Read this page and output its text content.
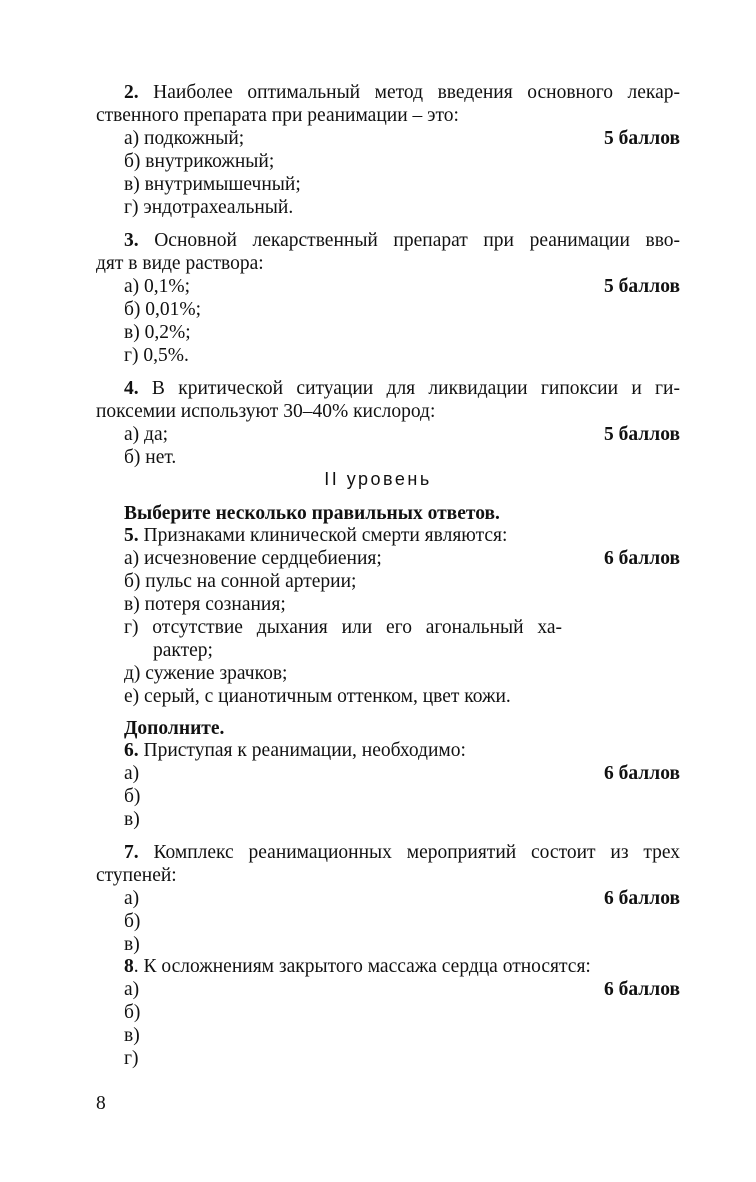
2. Наиболее оптимальный метод введения основного лекар-
ственного препарата при реанимации – это:
а) подкожный;	5 баллов
б) внутрикожный;
в) внутримышечный;
г) эндотрахеальный.
3. Основной лекарственный препарат при реанимации вво-
дят в виде раствора:
а) 0,1%;	5 баллов
б) 0,01%;
в) 0,2%;
г) 0,5%.
4. В критической ситуации для ликвидации гипоксии и ги-
поксемии используют 30–40% кислород:
а) да;	5 баллов
б) нет.
II уровень
Выберите несколько правильных ответов.
5. Признаками клинической смерти являются:
а) исчезновение сердцебиения;	6 баллов
б) пульс на сонной артерии;
в) потеря сознания;
г) отсутствие дыхания или его агональный ха-
рактер;
д) сужение зрачков;
е) серый, с цианотичным оттенком, цвет кожи.
Дополните.
6. Приступая к реанимации, необходимо:
а)	6 баллов
б)
в)
7. Комплекс реанимационных мероприятий состоит из трех
ступеней:
а)	6 баллов
б)
в)
8. К осложнениям закрытого массажа сердца относятся:
а)	6 баллов
б)
в)
г)
8
